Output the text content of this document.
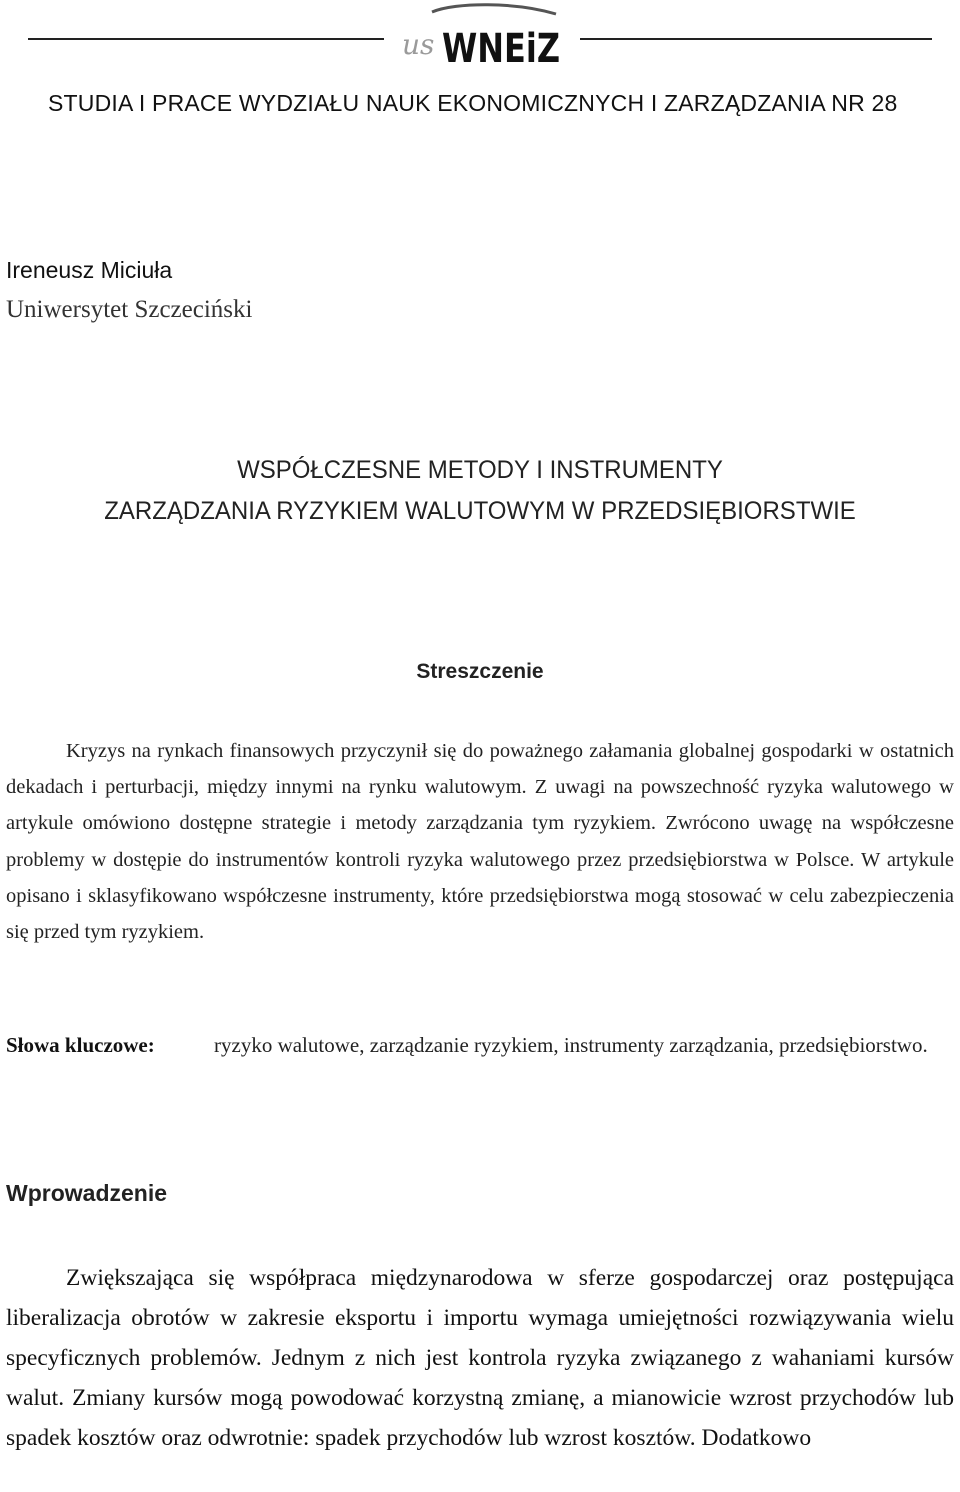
us WNEiZ
STUDIA I PRACE WYDZIAŁU NAUK EKONOMICZNYCH I ZARZĄDZANIA NR 28
Ireneusz Miciuła
Uniwersytet Szczeciński
WSPÓŁCZESNE METODY I INSTRUMENTY
ZARZĄDZANIA RYZYKIEM WALUTOWYM W PRZEDSIĘBIORSTWIE
Streszczenie
Kryzys na rynkach finansowych przyczynił się do poważnego załamania globalnej gospodarki w ostatnich dekadach i perturbacji, między innymi na rynku walutowym. Z uwagi na powszechność ryzyka walutowego w artykule omówiono dostępne strategie i metody zarządzania tym ryzykiem. Zwrócono uwagę na współczesne problemy w dostępie do instrumentów kontroli ryzyka walutowego przez przedsiębiorstwa w Polsce. W artykule opisano i sklasyfikowano współczesne instrumenty, które przedsiębiorstwa mogą stosować w celu zabezpieczenia się przed tym ryzykiem.
Słowa kluczowe:	ryzyko walutowe, zarządzanie ryzykiem, instrumenty zarządzania, przedsiębiorstwo.
Wprowadzenie
Zwiększająca się współpraca międzynarodowa w sferze gospodarczej oraz postępująca liberalizacja obrotów w zakresie eksportu i importu wymaga umiejętności rozwiązywania wielu specyficznych problemów. Jednym z nich jest kontrola ryzyka związanego z wahaniami kursów walut. Zmiany kursów mogą powodować korzystną zmianę, a mianowicie wzrost przychodów lub spadek kosztów oraz odwrotnie: spadek przychodów lub wzrost kosztów. Dodatkowo
